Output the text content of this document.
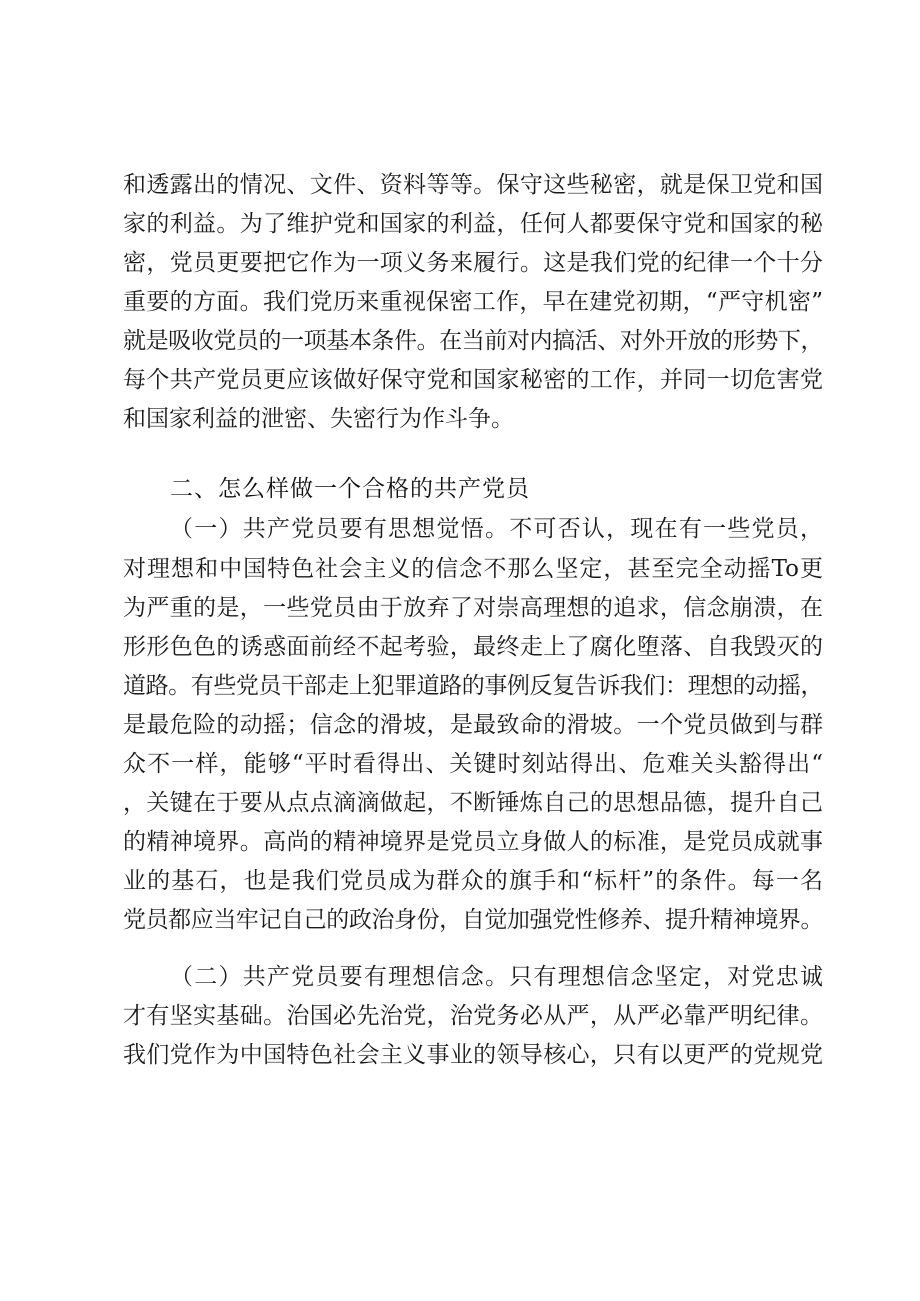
和透露出的情况、文件、资料等等。保守这些秘密，就是保卫党和国
家的利益。为了维护党和国家的利益，任何人都要保守党和国家的秘
密，党员更要把它作为一项义务来履行。这是我们党的纪律一个十分
重要的方面。我们党历来重视保密工作，早在建党初期，“严守机密”
就是吸收党员的一项基本条件。在当前对内搞活、对外开放的形势下，
每个共产党员更应该做好保守党和国家秘密的工作，并同一切危害党
和国家利益的泄密、失密行为作斗争。
二、怎么样做一个合格的共产党员
（一）共产党员要有思想觉悟。不可否认，现在有一些党员，
对理想和中国特色社会主义的信念不那么坚定，甚至完全动摇To更
为严重的是，一些党员由于放弃了对崇高理想的追求，信念崩溃，在
形形色色的诱惑面前经不起考验，最终走上了腐化堕落、自我毁灭的
道路。有些党员干部走上犯罪道路的事例反复告诉我们：理想的动摇，
是最危险的动摇；信念的滑坡，是最致命的滑坡。一个党员做到与群
众不一样，能够“平时看得出、关键时刻站得出、危难关头豁得出“
，关键在于要从点点滴滴做起，不断锤炼自己的思想品德，提升自己
的精神境界。高尚的精神境界是党员立身做人的标准，是党员成就事
业的基石，也是我们党员成为群众的旗手和“标杆”的条件。每一名
党员都应当牢记自己的政治身份，自觉加强党性修养、提升精神境界。
（二）共产党员要有理想信念。只有理想信念坚定，对党忠诚
才有坚实基础。治国必先治党，治党务必从严，从严必靠严明纪律。
我们党作为中国特色社会主义事业的领导核心，只有以更严的党规党
